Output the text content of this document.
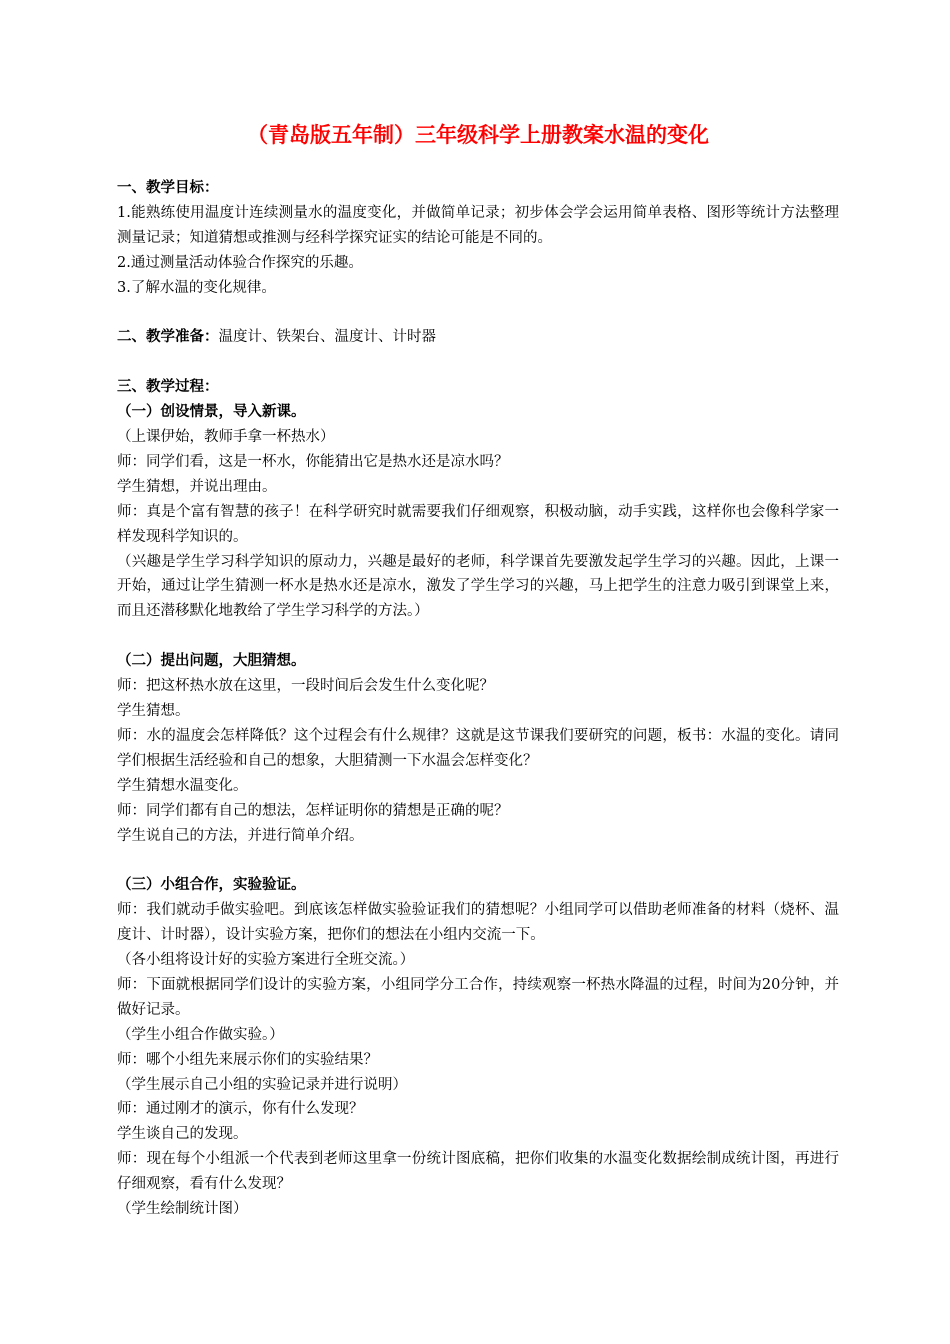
（青岛版五年制）三年级科学上册教案水温的变化

一、教学目标：

1.能熟练使用温度计连续测量水的温度变化，并做简单记录；初步体会学会运用简单表格、图形等统计方法整理测量记录；知道猜想或推测与经科学探究证实的结论可能是不同的。

2.通过测量活动体验合作探究的乐趣。

3.了解水温的变化规律。

二、教学准备：温度计、铁架台、温度计、计时器

三、教学过程：

（一）创设情景，导入新课。

（上课伊始，教师手拿一杯热水）

师：同学们看，这是一杯水，你能猜出它是热水还是凉水吗？

学生猜想，并说出理由。

师：真是个富有智慧的孩子！在科学研究时就需要我们仔细观察，积极动脑，动手实践，这样你也会像科学家一样发现科学知识的。

（兴趣是学生学习科学知识的原动力，兴趣是最好的老师，科学课首先要激发起学生学习的兴趣。因此，上课一开始，通过让学生猜测一杯水是热水还是凉水，激发了学生学习的兴趣，马上把学生的注意力吸引到课堂上来，而且还潜移默化地教给了学生学习科学的方法。）

（二）提出问题，大胆猜想。

师：把这杯热水放在这里，一段时间后会发生什么变化呢？

学生猜想。

师：水的温度会怎样降低？这个过程会有什么规律？这就是这节课我们要研究的问题，板书：水温的变化。请同学们根据生活经验和自己的想象，大胆猜测一下水温会怎样变化？

学生猜想水温变化。

师：同学们都有自己的想法，怎样证明你的猜想是正确的呢？

学生说自己的方法，并进行简单介绍。

（三）小组合作，实验验证。

师：我们就动手做实验吧。到底该怎样做实验验证我们的猜想呢？小组同学可以借助老师准备的材料（烧杯、温度计、计时器），设计实验方案，把你们的想法在小组内交流一下。

（各小组将设计好的实验方案进行全班交流。）

师：下面就根据同学们设计的实验方案，小组同学分工合作，持续观察一杯热水降温的过程，时间为20分钟，并做好记录。

（学生小组合作做实验。）

师：哪个小组先来展示你们的实验结果？

（学生展示自己小组的实验记录并进行说明）

师：通过刚才的演示，你有什么发现？

学生谈自己的发现。

师：现在每个小组派一个代表到老师这里拿一份统计图底稿，把你们收集的水温变化数据绘制成统计图，再进行仔细观察，看有什么发现？

（学生绘制统计图）
